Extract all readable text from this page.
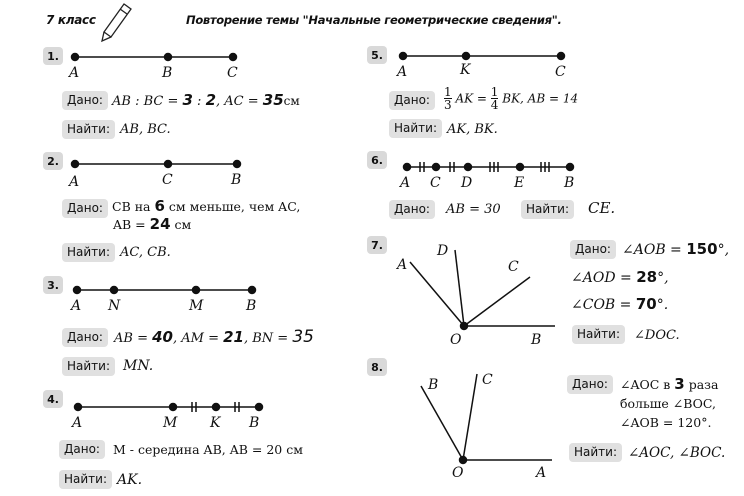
7 класс	Повторение темы "Начальные геометрические сведения".
1.
A	B	C
Дано: AB : BC = 3 : 2, AC = 35см
Найти: AB, BC.
2.
A	C	B
Дано: CB на 6 см меньше, чем AC,
AB = 24 см
Найти: AC, CB.
3.
A N	M	B
Дано: AB = 40, AM = 21, BN = 35
Найти: MN.
4.
A	M K B
Дано:	M - середина AB, AB = 20 см
Найти: AK.
5.
A	K	C
Дано:	$\frac{1}{3}$ AK = $\frac{1}{4}$ BK, AB = 14
Найти: AK, BK.
6.
A C D	E	B
Дано:	AB = 30	Найти:	CE.
7.
A
D
C
O	B
Дано: ∠AOB = 150°,
∠AOD = 28°,
∠COB = 70°.
Найти:	∠DOC.
8.
B	C
O	A
Дано: ∠AOC в 3 раза
больше ∠BOC,
∠AOB = 120°.
Найти: ∠AOC, ∠BOC.
